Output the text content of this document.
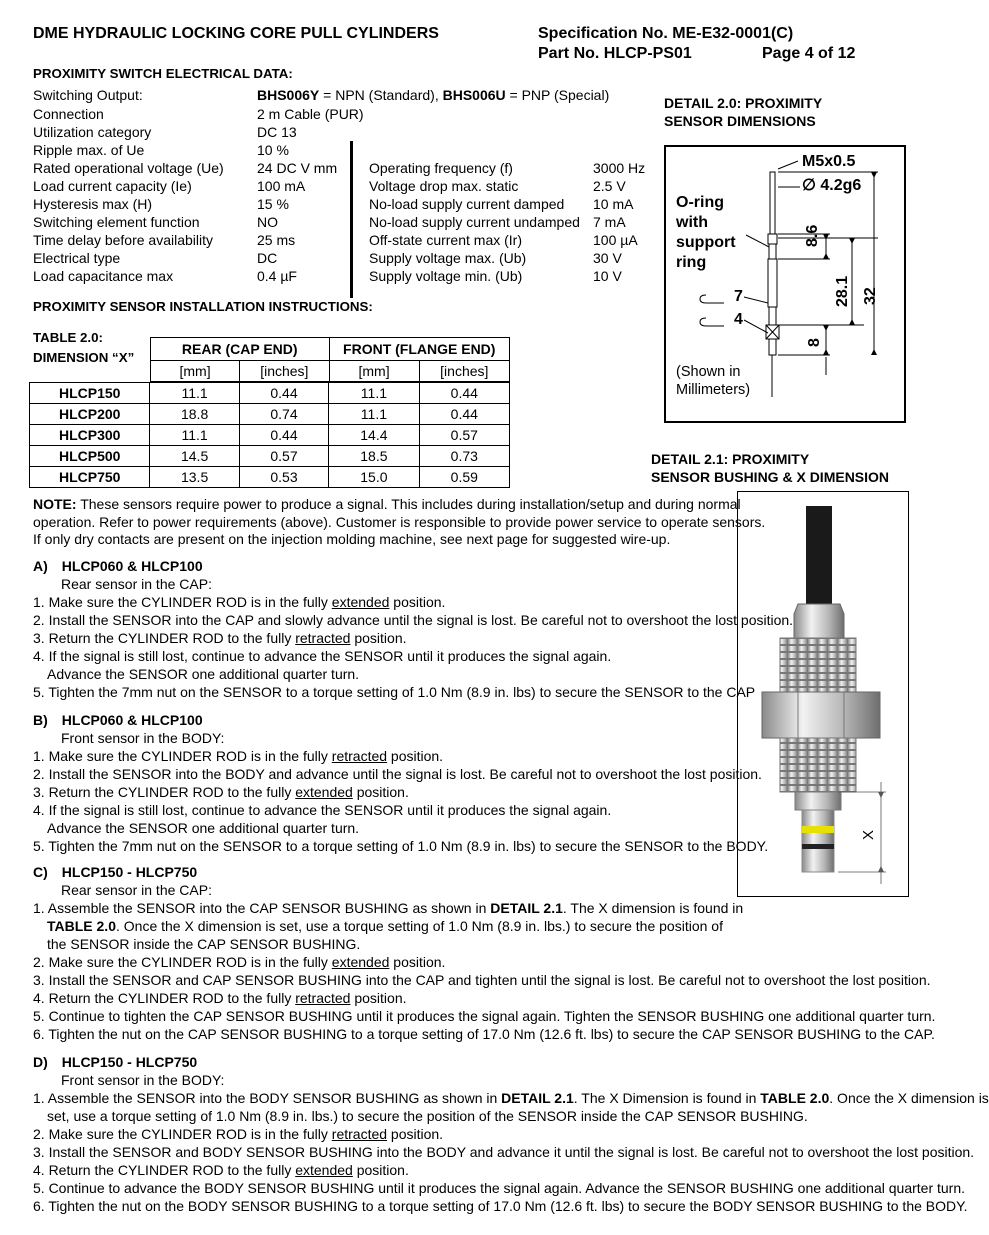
DME HYDRAULIC LOCKING CORE PULL CYLINDERS	Specification No. ME-E32-0001(C)
Part No. HLCP-PS01	Page 4 of 12
PROXIMITY SWITCH ELECTRICAL DATA:
Switching Output:	BHS006Y = NPN (Standard), BHS006U = PNP (Special)
Connection	2 m Cable (PUR)
Utilization category	DC 13
Ripple max. of Ue	10 %
Rated operational voltage (Ue) 24 DC V mm
Load current capacity (Ie)	100 mA
Hysteresis max (H)	15 %
Switching element function	NO
Time delay before availability	25 ms
Electrical type	DC
Load capacitance max	0.4 µF
Operating frequency (f)	3000 Hz
Voltage drop max. static	2.5 V
No-load supply current damped 10 mA
No-load supply current undamped 7 mA
Off-state current max (Ir)	100 µA
Supply voltage max. (Ub)	30 V
Supply voltage min. (Ub)	10 V
PROXIMITY SENSOR INSTALLATION INSTRUCTIONS:
TABLE 2.0:
DIMENSION “X”
REAR (CAP END)		FRONT (FLANGE END)	
[mm]	[inches]	[mm]	[inches]
HLCP150	11.1	0.44	11.1	0.44
HLCP200	18.8	0.74	11.1	0.44
HLCP300	11.1	0.44	14.4	0.57
HLCP500	14.5	0.57	18.5	0.73
HLCP750	13.5	0.53	15.0	0.59
DETAIL 2.0: PROXIMITY
SENSOR DIMENSIONS
M5x0.5
∅ 4.2g6
O-ring
with
support
ring
7
4
8.6
28.1 32
8
(Shown in
Millimeters)
DETAIL 2.1: PROXIMITY
SENSOR BUSHING & X DIMENSION
X
NOTE: These sensors require power to produce a signal. This includes during installation/setup and during normal
operation. Refer to power requirements (above). Customer is responsible to provide power service to operate sensors.
If only dry contacts are present on the injection molding machine, see next page for suggested wire-up.
A) HLCP060 & HLCP100
Rear sensor in the CAP:
1. Make sure the CYLINDER ROD is in the fully extended position.
2. Install the SENSOR into the CAP and slowly advance until the signal is lost. Be careful not to overshoot the lost position.
3. Return the CYLINDER ROD to the fully retracted position.
4. If the signal is still lost, continue to advance the SENSOR until it produces the signal again.
Advance the SENSOR one additional quarter turn.
5. Tighten the 7mm nut on the SENSOR to a torque setting of 1.0 Nm (8.9 in. lbs) to secure the SENSOR to the CAP
B) HLCP060 & HLCP100
Front sensor in the BODY:
1. Make sure the CYLINDER ROD is in the fully retracted position.
2. Install the SENSOR into the BODY and advance until the signal is lost. Be careful not to overshoot the lost position.
3. Return the CYLINDER ROD to the fully extended position.
4. If the signal is still lost, continue to advance the SENSOR until it produces the signal again.
Advance the SENSOR one additional quarter turn.
5. Tighten the 7mm nut on the SENSOR to a torque setting of 1.0 Nm (8.9 in. lbs) to secure the SENSOR to the BODY.
C) HLCP150 - HLCP750
Rear sensor in the CAP:
1. Assemble the SENSOR into the CAP SENSOR BUSHING as shown in DETAIL 2.1. The X dimension is found in
TABLE 2.0. Once the X dimension is set, use a torque setting of 1.0 Nm (8.9 in. lbs.) to secure the position of
the SENSOR inside the CAP SENSOR BUSHING.
2. Make sure the CYLINDER ROD is in the fully extended position.
3. Install the SENSOR and CAP SENSOR BUSHING into the CAP and tighten until the signal is lost. Be careful not to overshoot the lost position.
4. Return the CYLINDER ROD to the fully retracted position.
5. Continue to tighten the CAP SENSOR BUSHING until it produces the signal again. Tighten the SENSOR BUSHING one additional quarter turn.
6. Tighten the nut on the CAP SENSOR BUSHING to a torque setting of 17.0 Nm (12.6 ft. lbs) to secure the CAP SENSOR BUSHING to the CAP.
D) HLCP150 - HLCP750
Front sensor in the BODY:
1. Assemble the SENSOR into the BODY SENSOR BUSHING as shown in DETAIL 2.1. The X Dimension is found in TABLE 2.0. Once the X dimension is
set, use a torque setting of 1.0 Nm (8.9 in. lbs.) to secure the position of the SENSOR inside the CAP SENSOR BUSHING.
2. Make sure the CYLINDER ROD is in the fully retracted position.
3. Install the SENSOR and BODY SENSOR BUSHING into the BODY and advance it until the signal is lost. Be careful not to overshoot the lost position.
4. Return the CYLINDER ROD to the fully extended position.
5. Continue to advance the BODY SENSOR BUSHING until it produces the signal again. Advance the SENSOR BUSHING one additional quarter turn.
6. Tighten the nut on the BODY SENSOR BUSHING to a torque setting of 17.0 Nm (12.6 ft. lbs) to secure the BODY SENSOR BUSHING to the BODY.
